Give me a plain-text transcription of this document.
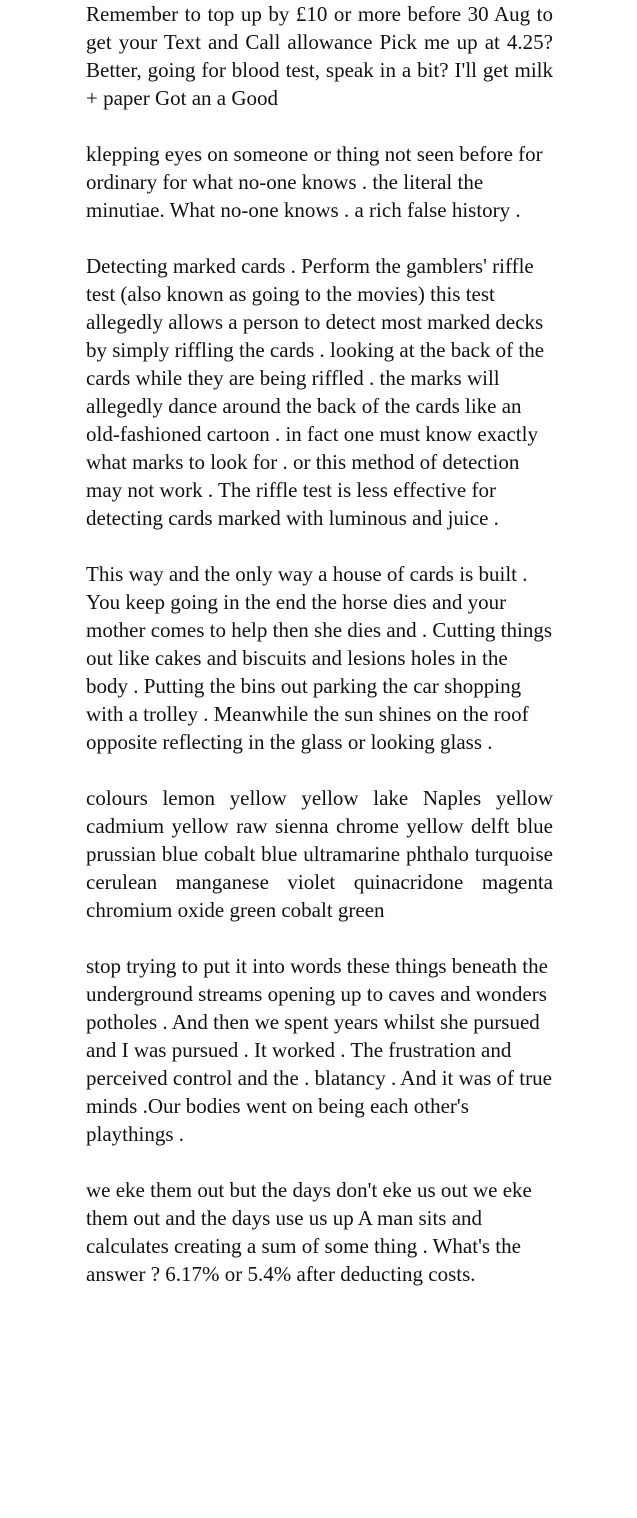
Remember to top up by £10 or more before 30 Aug to get your Text and Call allowance Pick me up at 4.25? Better, going for blood test, speak in a bit? I'll get milk + paper Got an a Good

klepping eyes on someone or thing not seen before for ordinary for what no-one knows . the literal the minutiae. What no-one knows . a rich false history .

Detecting marked cards . Perform the gamblers' riffle test (also known as going to the movies) this test allegedly allows a person to detect most marked decks by simply riffling the cards . looking at the back of the cards while they are being riffled . the marks will allegedly dance around the back of the cards like an old-fashioned cartoon . in fact one must know exactly what marks to look for . or this method of detection may not work . The riffle test is less effective for detecting cards marked with luminous and juice .

This way and the only way a house of cards is built . You keep going in the end the horse dies and your mother comes to help then she dies and . Cutting things out like cakes and biscuits and lesions holes in the body . Putting the bins out parking the car shopping with a trolley . Meanwhile the sun shines on the roof opposite reflecting in the glass or looking glass .

colours lemon yellow yellow lake Naples yellow cadmium yellow raw sienna chrome yellow delft blue prussian blue cobalt blue ultramarine phthalo turquoise cerulean manganese violet quinacridone magenta chromium oxide green cobalt green

stop trying to put it into words these things beneath the underground streams opening up to caves and wonders potholes . And then we spent years whilst she pursued and I was pursued . It worked . The frustration and perceived control and the . blatancy . And it was of true minds .Our bodies went on being each other's playthings .

we eke them out but the days don't eke us out we eke them out and the days use us up A man sits and calculates creating a sum of some thing . What's the answer ? 6.17% or 5.4% after deducting costs.
